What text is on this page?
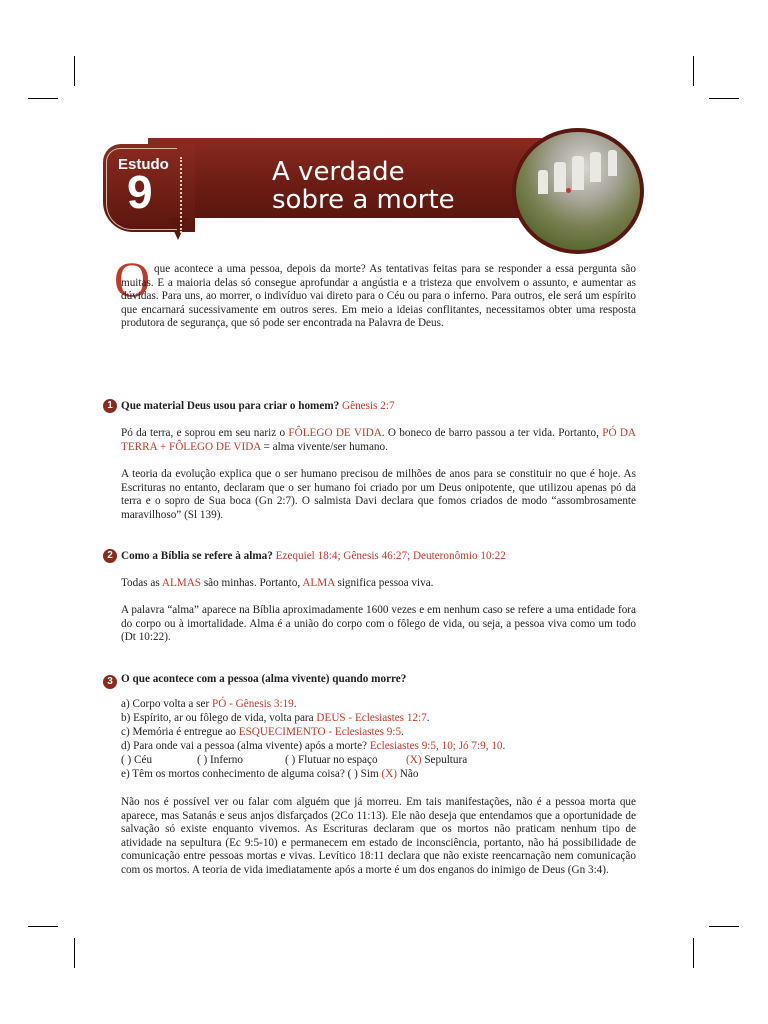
Estudo
9	A verdade
sobre a morte
O que acontece a uma pessoa, depois da morte? As tentativas feitas para se responder a essa pergunta são muitas. E a maioria delas só consegue aprofundar a angústia e a tristeza que envolvem o assunto, e aumentar as dúvidas. Para uns, ao morrer, o indivíduo vai direto para o Céu ou para o inferno. Para outros, ele será um espírito que encarnará sucessivamente em outros seres. Em meio a ideias conflitantes, necessitamos obter uma resposta produtora de segurança, que só pode ser encontrada na Palavra de Deus.
1 Que material Deus usou para criar o homem? Gênesis 2:7
Pó da terra, e soprou em seu nariz o FÔLEGO DE VIDA. O boneco de barro passou a ter vida. Portanto, PÓ DA TERRA + FÔLEGO DE VIDA = alma vivente/ser humano.
A teoria da evolução explica que o ser humano precisou de milhões de anos para se constituir no que é hoje. As Escrituras no entanto, declaram que o ser humano foi criado por um Deus onipotente, que utilizou apenas pó da terra e o sopro de Sua boca (Gn 2:7). O salmista Davi declara que fomos criados de modo “assombrosamente maravilhoso” (Sl 139).
2 Como a Bíblia se refere à alma? Ezequiel 18:4; Gênesis 46:27; Deuteronômio 10:22
Todas as ALMAS são minhas. Portanto, ALMA significa pessoa viva.
A palavra “alma” aparece na Bíblia aproximadamente 1600 vezes e em nenhum caso se refere a uma entidade fora do corpo ou à imortalidade. Alma é a união do corpo com o fôlego de vida, ou seja, a pessoa viva como um todo (Dt 10:22).
3 O que acontece com a pessoa (alma vivente) quando morre?
a) Corpo volta a ser PÓ - Gênesis 3:19.
b) Espírito, ar ou fôlego de vida, volta para DEUS - Eclesiastes 12:7.
c) Memória é entregue ao ESQUECIMENTO - Eclesiastes 9:5.
d) Para onde vai a pessoa (alma vivente) após a morte? Eclesiastes 9:5, 10; Jó 7:9, 10.
( ) Céu	( ) Inferno	( ) Flutuar no espaço	(X) Sepultura
e) Têm os mortos conhecimento de alguma coisa? ( ) Sim (X) Não
Não nos é possível ver ou falar com alguém que já morreu. Em tais manifestações, não é a pessoa morta que aparece, mas Satanás e seus anjos disfarçados (2Co 11:13). Ele não deseja que entendamos que a oportunidade de salvação só existe enquanto vivemos. As Escrituras declaram que os mortos não praticam nenhum tipo de atividade na sepultura (Ec 9:5-10) e permanecem em estado de inconsciência, portanto, não há possibilidade de comunicação entre pessoas mortas e vivas. Levítico 18:11 declara que não existe reencarnação nem comunicação com os mortos. A teoria de vida imediatamente após a morte é um dos enganos do inimigo de Deus (Gn 3:4).
